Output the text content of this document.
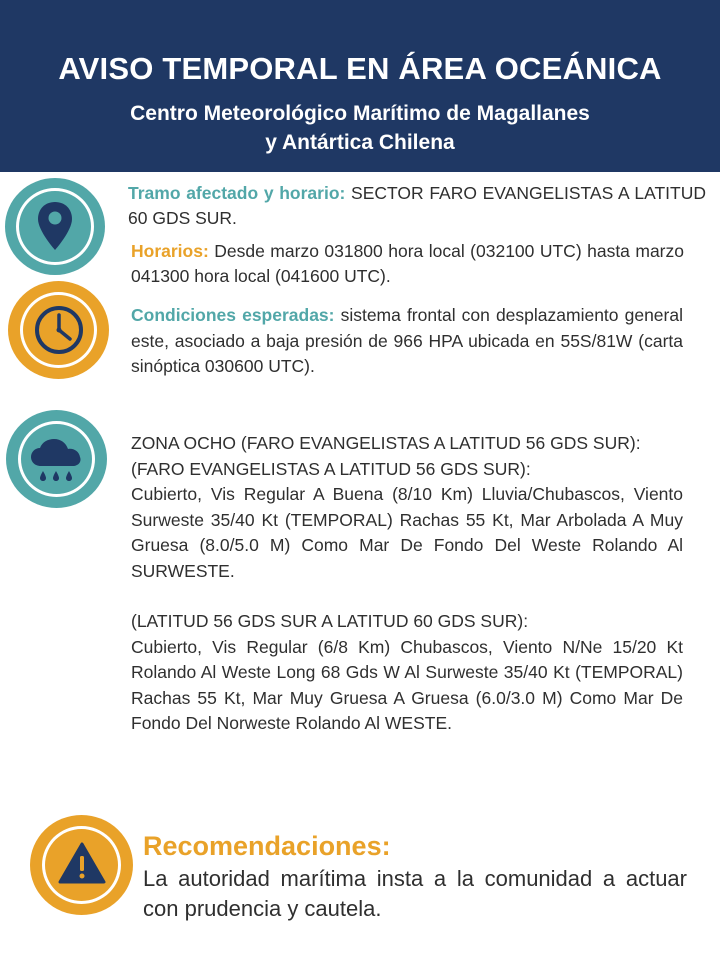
AVISO TEMPORAL EN ÁREA OCEÁNICA
Centro Meteorológico Marítimo de Magallanes
y Antártica Chilena
Tramo afectado y horario: SECTOR FARO EVANGELISTAS A LATITUD 60 GDS SUR.
Horarios: Desde marzo 031800 hora local (032100 UTC) hasta marzo 041300 hora local (041600 UTC).
Condiciones esperadas: sistema frontal con desplazamiento general este, asociado a baja presión de 966 HPA ubicada en 55S/81W (carta sinóptica 030600 UTC).

ZONA OCHO (FARO EVANGELISTAS A LATITUD 56 GDS SUR):

(FARO EVANGELISTAS A LATITUD 56 GDS SUR):

Cubierto, Vis Regular A Buena (8/10 Km) Lluvia/Chubascos, Viento Surweste 35/40 Kt (TEMPORAL) Rachas 55 Kt, Mar Arbolada A Muy Gruesa (8.0/5.0 M) Como Mar De Fondo Del Weste Rolando Al SURWESTE.

(LATITUD 56 GDS SUR A LATITUD 60 GDS SUR):

Cubierto, Vis Regular (6/8 Km) Chubascos, Viento N/Ne 15/20 Kt Rolando Al Weste Long 68 Gds W Al Surweste 35/40 Kt (TEMPORAL) Rachas 55 Kt, Mar Muy Gruesa A Gruesa (6.0/3.0 M) Como Mar De Fondo Del Norweste Rolando Al WESTE.

Recomendaciones:
La autoridad marítima insta a la comunidad a actuar con prudencia y cautela.
